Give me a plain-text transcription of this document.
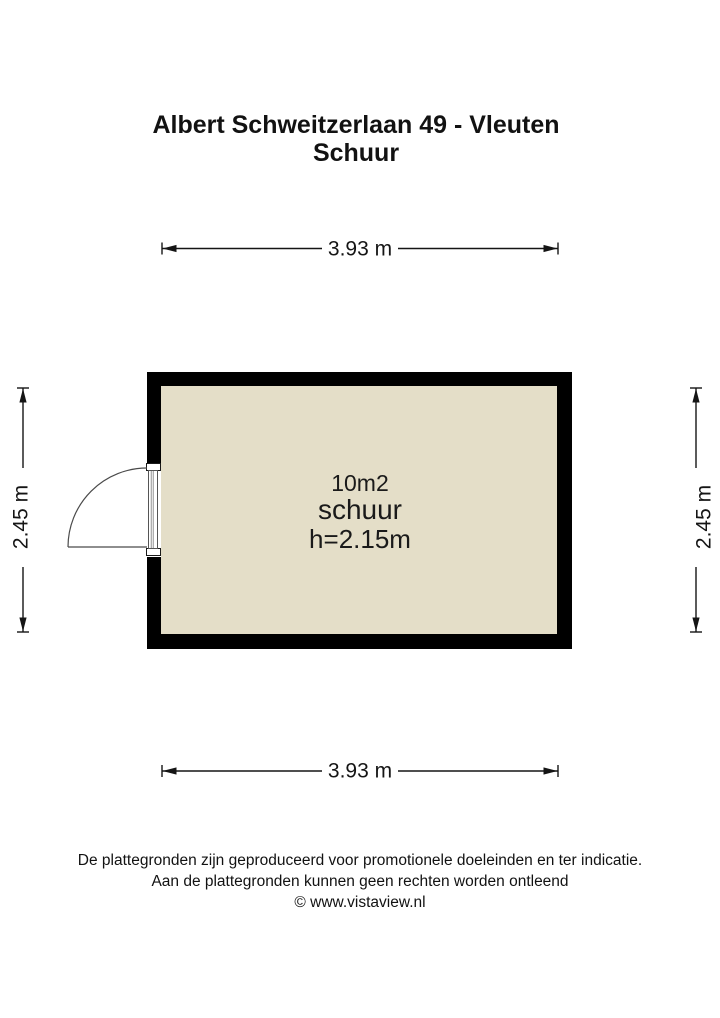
Albert Schweitzerlaan 49 - Vleuten
Schuur
3.93 m
3.93 m
2.45 m	2.45 m
10m2
schuur
h=2.15m
De plattegronden zijn geproduceerd voor promotionele doeleinden en ter indicatie.
Aan de plattegronden kunnen geen rechten worden ontleend
© www.vistaview.nl
